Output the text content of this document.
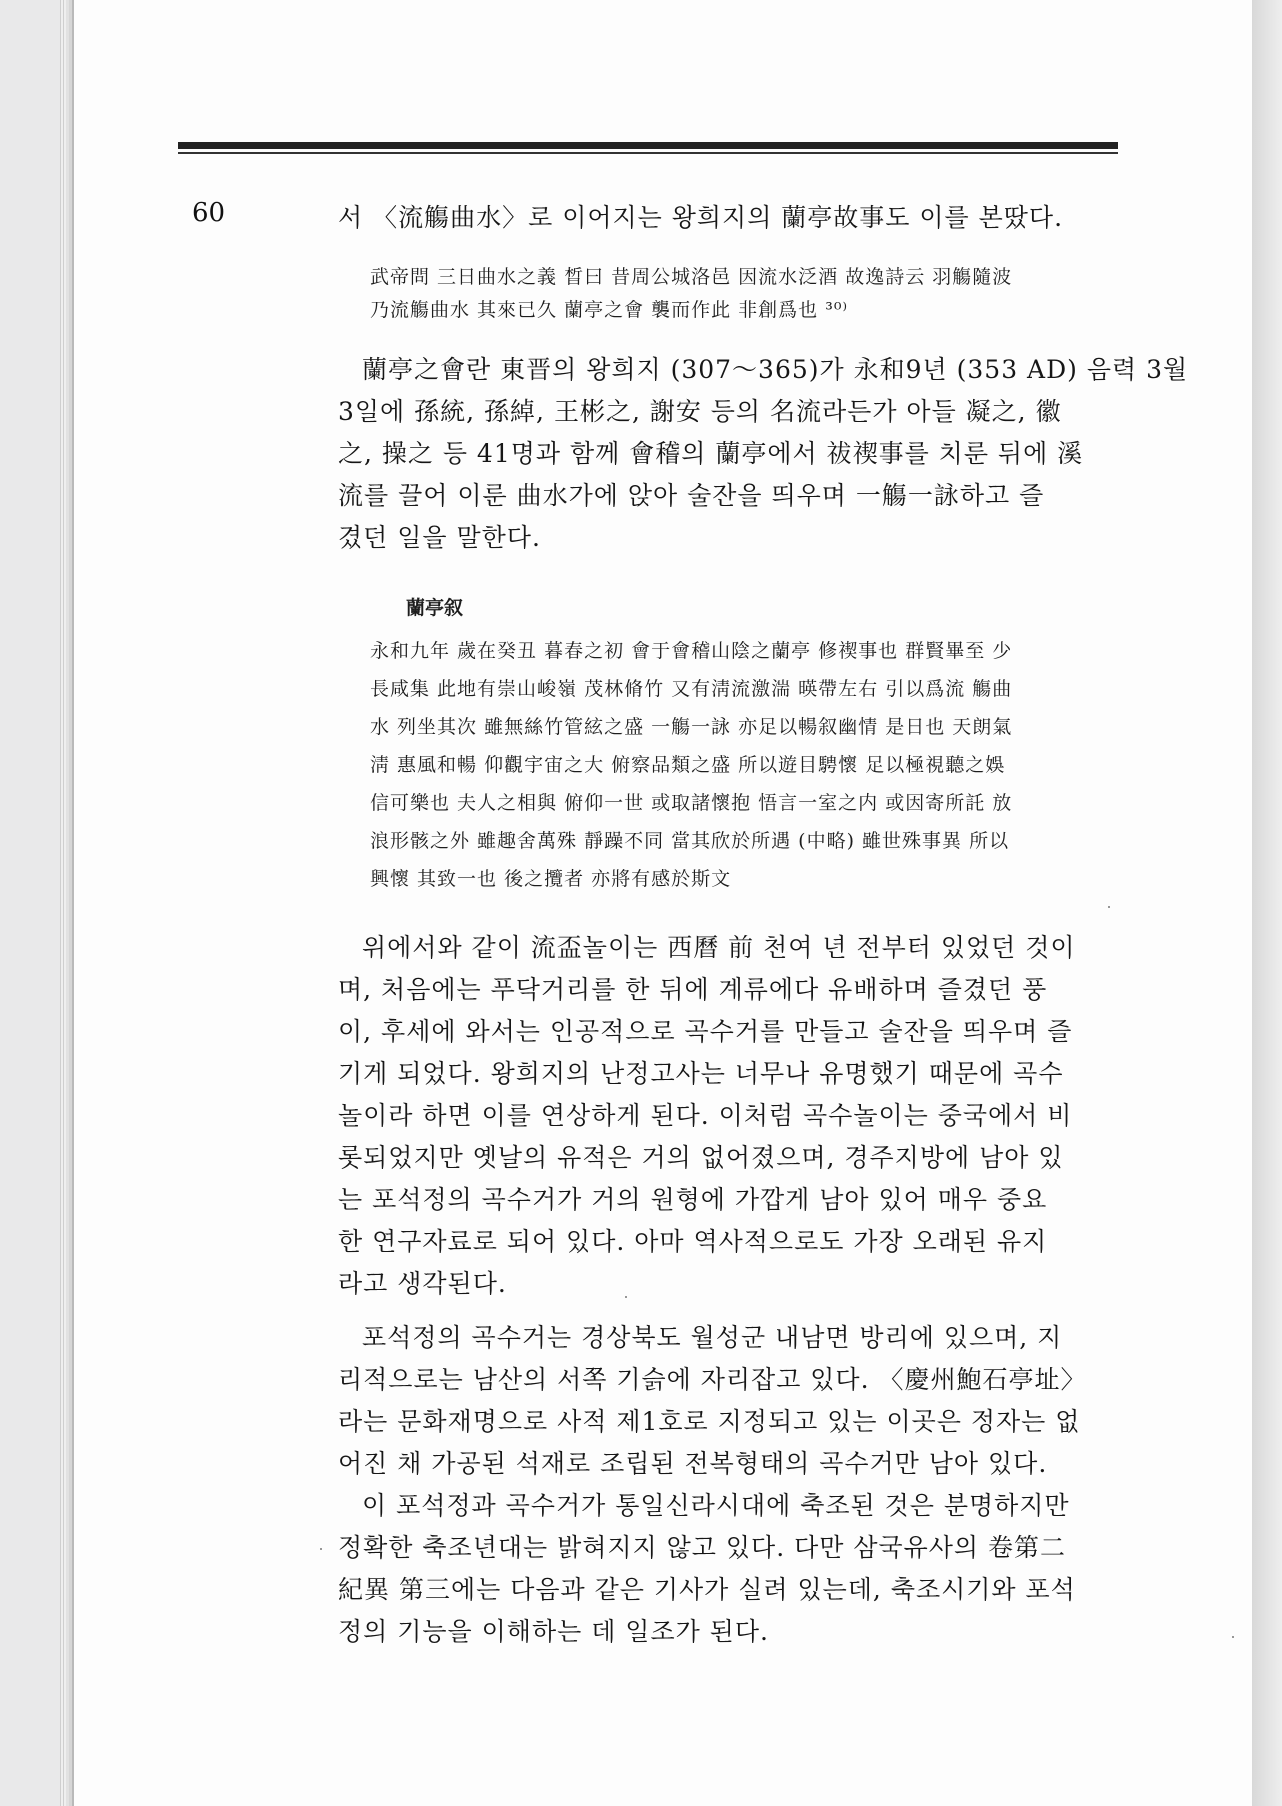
60	서 〈流觴曲水〉로 이어지는 왕희지의 蘭亭故事도 이를 본땄다.
武帝問 三日曲水之義 晳曰 昔周公城洛邑 因流水泛酒 故逸詩云 羽觴隨波
乃流觴曲水 其來已久 蘭亭之會 襲而作此 非創爲也 ³⁰⁾
蘭亭之會란 東晋의 왕희지 (307～365)가 永和9년 (353 AD) 음력 3월
3일에 孫統, 孫綽, 王彬之, 謝安 등의 名流라든가 아들 凝之, 徽
之, 操之 등 41명과 함께 會稽의 蘭亭에서 祓禊事를 치룬 뒤에 溪
流를 끌어 이룬 曲水가에 앉아 술잔을 띄우며 一觴一詠하고 즐
겼던 일을 말한다.
蘭亭叙
永和九年 歲在癸丑 暮春之初 會于會稽山陰之蘭亭 修禊事也 群賢畢至 少
長咸集 此地有崇山峻嶺 茂林脩竹 又有淸流激湍 暎帶左右 引以爲流 觴曲
水 列坐其次 雖無絲竹管絃之盛 一觴一詠 亦足以暢叙幽情 是日也 天朗氣
淸 惠風和暢 仰觀宇宙之大 俯察品類之盛 所以遊目騁懷 足以極視聽之娛
信可樂也 夫人之相與 俯仰一世 或取諸懷抱 悟言一室之内 或因寄所託 放
浪形骸之外 雖趣舍萬殊 靜躁不同 當其欣於所遇 (中略) 雖世殊事異 所以
興懷 其致一也 後之攬者 亦將有感於斯文
위에서와 같이 流盃놀이는 西曆 前 천여 년 전부터 있었던 것이
며, 처음에는 푸닥거리를 한 뒤에 계류에다 유배하며 즐겼던 풍
이, 후세에 와서는 인공적으로 곡수거를 만들고 술잔을 띄우며 즐
기게 되었다. 왕희지의 난정고사는 너무나 유명했기 때문에 곡수
놀이라 하면 이를 연상하게 된다. 이처럼 곡수놀이는 중국에서 비
롯되었지만 옛날의 유적은 거의 없어졌으며, 경주지방에 남아 있
는 포석정의 곡수거가 거의 원형에 가깝게 남아 있어 매우 중요
한 연구자료로 되어 있다. 아마 역사적으로도 가장 오래된 유지
라고 생각된다.
포석정의 곡수거는 경상북도 월성군 내남면 방리에 있으며, 지
리적으로는 남산의 서쪽 기슭에 자리잡고 있다. 〈慶州鮑石亭址〉
라는 문화재명으로 사적 제1호로 지정되고 있는 이곳은 정자는 없
어진 채 가공된 석재로 조립된 전복형태의 곡수거만 남아 있다.
이 포석정과 곡수거가 통일신라시대에 축조된 것은 분명하지만
정확한 축조년대는 밝혀지지 않고 있다. 다만 삼국유사의 卷第二
紀異 第三에는 다음과 같은 기사가 실려 있는데, 축조시기와 포석
정의 기능을 이해하는 데 일조가 된다.
